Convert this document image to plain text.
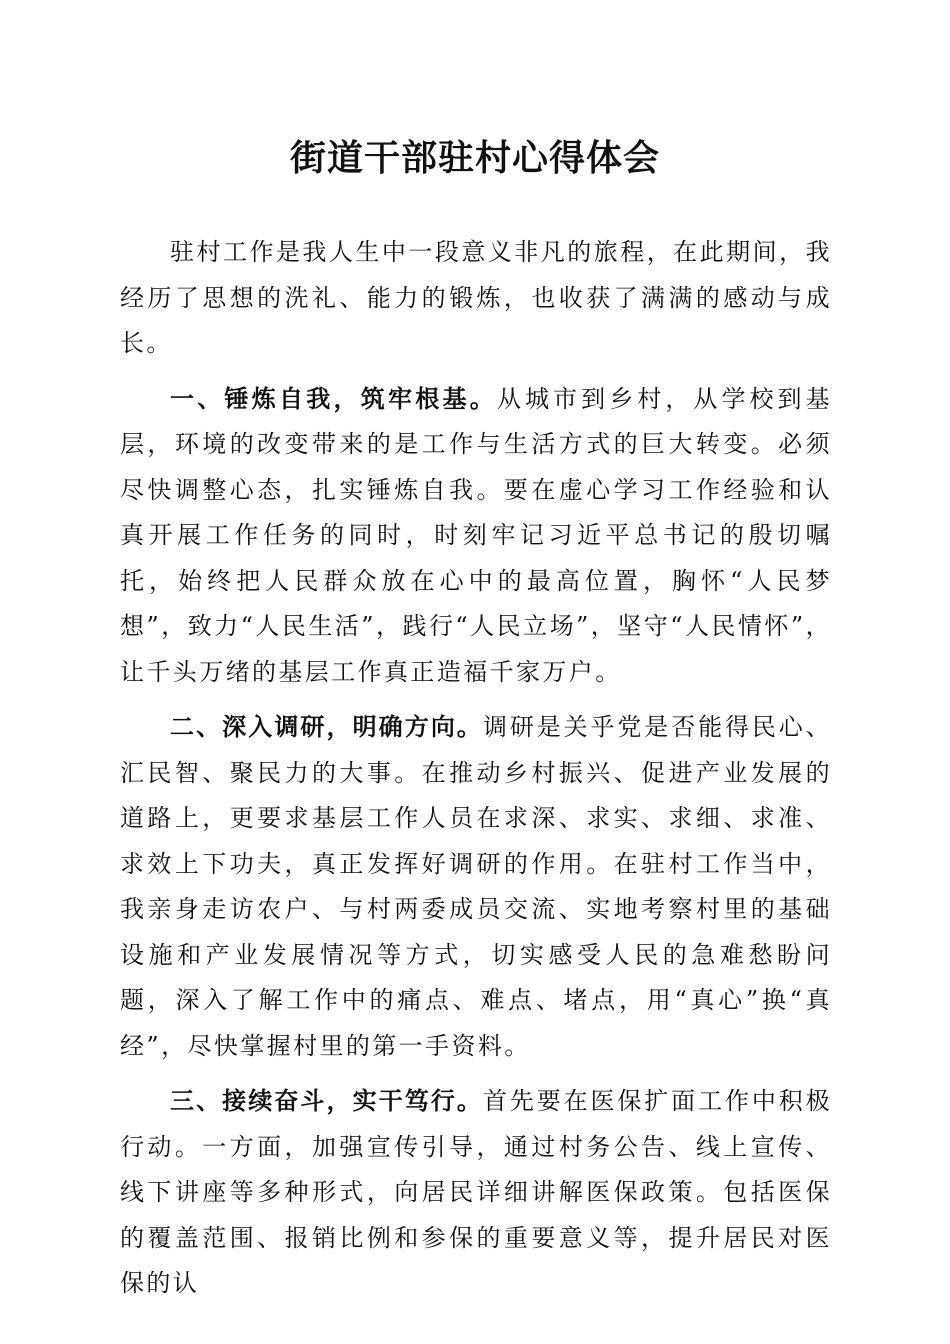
街道干部驻村心得体会

驻村工作是我人生中一段意义非凡的旅程，在此期间，我经历了思想的洗礼、能力的锻炼，也收获了满满的感动与成长。

一、锤炼自我，筑牢根基。从城市到乡村，从学校到基层，环境的改变带来的是工作与生活方式的巨大转变。必须尽快调整心态，扎实锤炼自我。要在虚心学习工作经验和认真开展工作任务的同时，时刻牢记习近平总书记的殷切嘱托，始终把人民群众放在心中的最高位置，胸怀“人民梦想”，致力“人民生活”，践行“人民立场”，坚守“人民情怀”，让千头万绪的基层工作真正造福千家万户。

二、深入调研，明确方向。调研是关乎党是否能得民心、汇民智、聚民力的大事。在推动乡村振兴、促进产业发展的道路上，更要求基层工作人员在求深、求实、求细、求准、求效上下功夫，真正发挥好调研的作用。在驻村工作当中，我亲身走访农户、与村两委成员交流、实地考察村里的基础设施和产业发展情况等方式，切实感受人民的急难愁盼问题，深入了解工作中的痛点、难点、堵点，用“真心”换“真经”，尽快掌握村里的第一手资料。

三、接续奋斗，实干笃行。首先要在医保扩面工作中积极行动。一方面，加强宣传引导，通过村务公告、线上宣传、线下讲座等多种形式，向居民详细讲解医保政策。包括医保的覆盖范围、报销比例和参保的重要意义等，提升居民对医保的认
